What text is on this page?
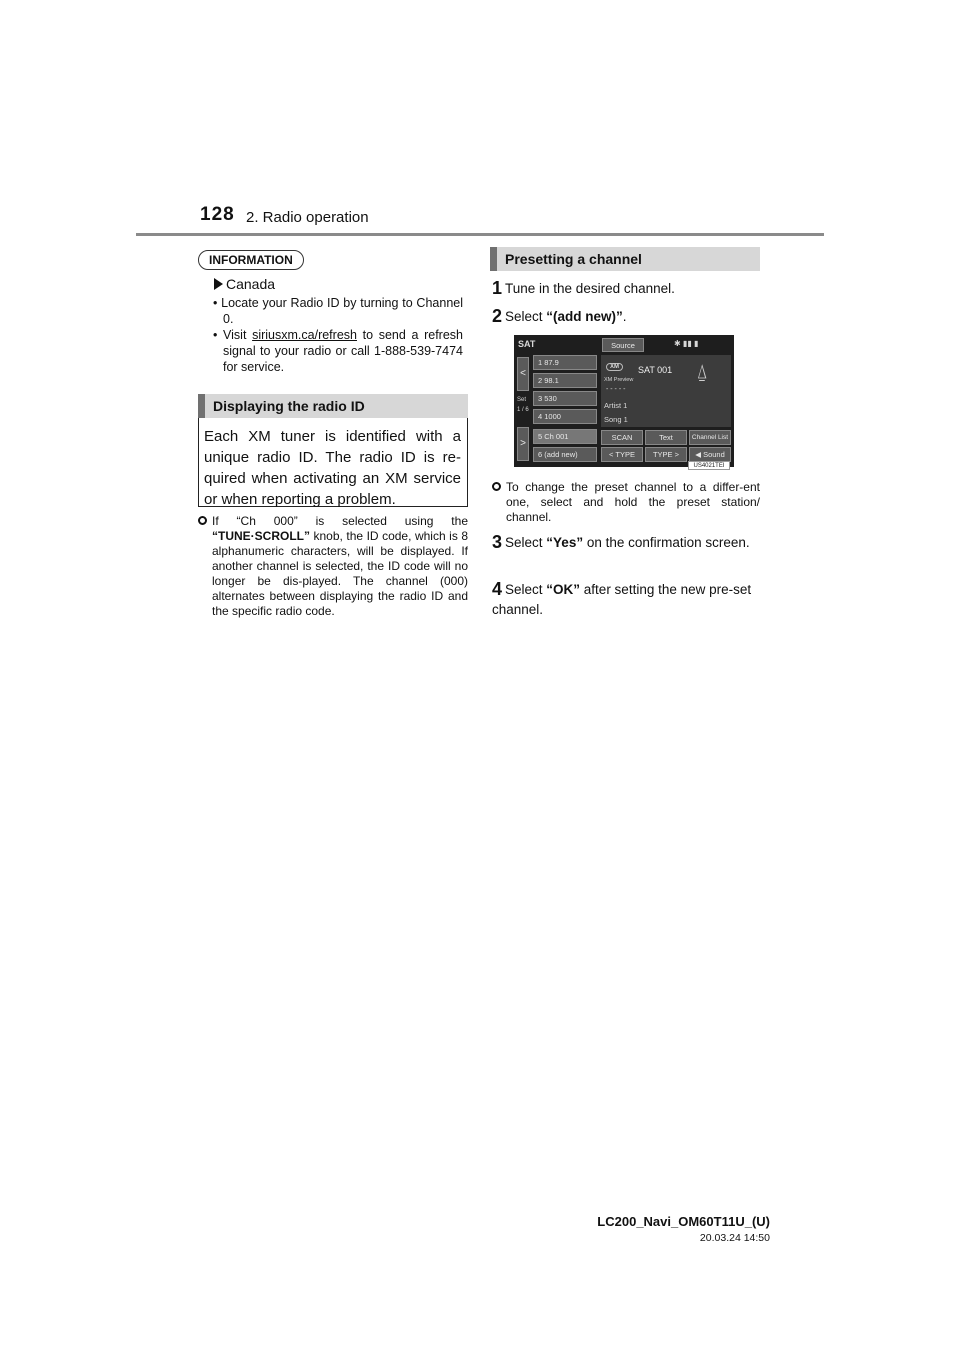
128 2. Radio operation
INFORMATION
Canada
• Locate your Radio ID by turning to Channel 0.
• Visit siriusxm.ca/refresh to send a refresh signal to your radio or call 1-888-539-7474 for service.
Displaying the radio ID
Each XM tuner is identified with a unique radio ID. The radio ID is re-quired when activating an XM service or when reporting a problem.
If “Ch 000” is selected using the “TUNE·SCROLL” knob, the ID code, which is 8 alphanumeric characters, will be displayed. If another channel is selected, the ID code will no longer be dis-played. The channel (000) alternates between displaying the radio ID and the specific radio code.
Presetting a channel
1 Tune in the desired channel.
2 Select “(add new)”.
SAT	Source	✱ ▮▮ ▮
<
Set
1 / 6
>
1 87.9
2 98.1
3 530
4 1000
5 Ch 001
6 (add new)
XM
XM Preview
SAT 001 ⍙
- - - - -
Artist 1
Song 1
SCAN	Text	Channel List
< TYPE	TYPE >	◀ Sound
US4021TEI
To change the preset channel to a differ-ent one, select and hold the preset station/ channel.
3 Select “Yes” on the confirmation screen.
4 Select “OK” after setting the new pre-set channel.
LC200_Navi_OM60T11U_(U)
20.03.24 14:50
